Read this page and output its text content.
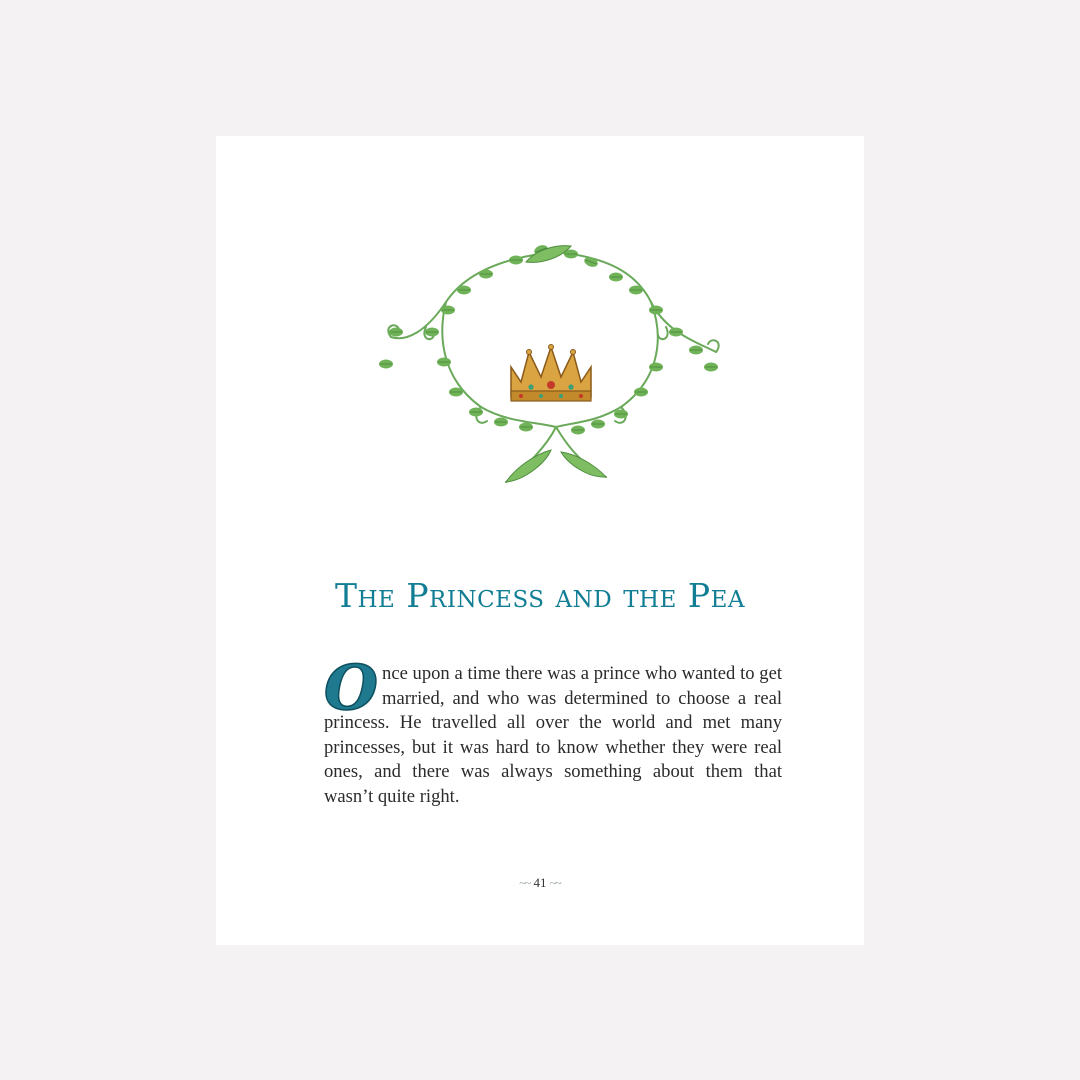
The Princess and the Pea

Once upon a time there was a prince who wanted to get married, and who was determined to choose a real princess. He travelled all over the world and met many princesses, but it was hard to know whether they were real ones, and there was always something about them that wasn’t quite right.

~~ 41 ~~
